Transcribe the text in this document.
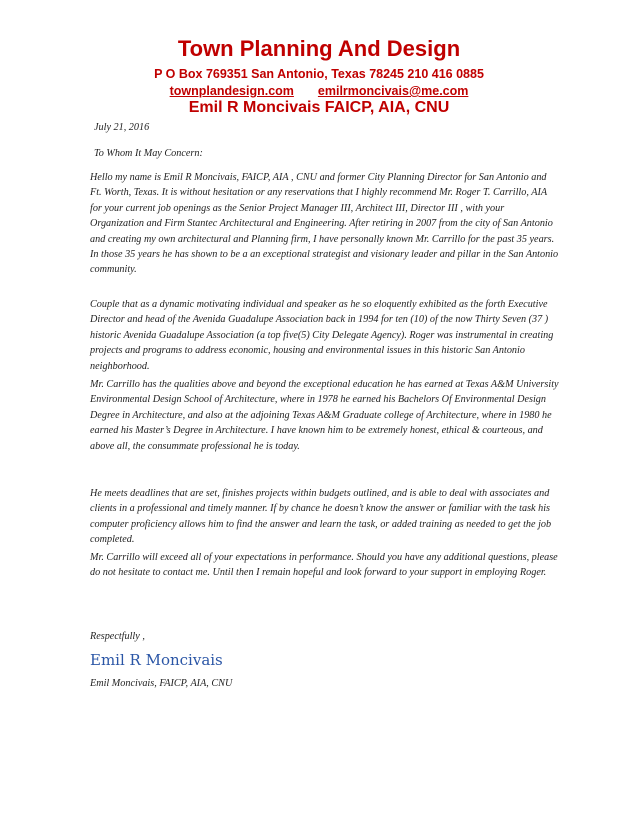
Town Planning And Design
P O Box 769351 San Antonio, Texas 78245 210 416 0885
townplandesign.com emilrmoncivais@me.com
Emil R Moncivais FAICP, AIA, CNU
July 21, 2016
To Whom It May Concern:

Hello my name is Emil R Moncivais, FAICP, AIA , CNU and former City Planning Director for San Antonio and Ft. Worth, Texas. It is without hesitation or any reservations that I highly recommend Mr. Roger T. Carrillo, AIA for your current job openings as the Senior Project Manager III, Architect III, Director III , with your Organization and Firm Stantec Architectural and Engineering. After retiring in 2007 from the city of San Antonio and creating my own architectural and Planning firm, I have personally known Mr. Carrillo for the past 35 years. In those 35 years he has shown to be a an exceptional strategist and visionary leader and pillar in the San Antonio community.

Couple that as a dynamic motivating individual and speaker as he so eloquently exhibited as the forth Executive Director and head of the Avenida Guadalupe Association back in 1994 for ten (10) of the now Thirty Seven (37 ) historic Avenida Guadalupe Association (a top five(5) City Delegate Agency). Roger was instrumental in creating projects and programs to address economic, housing and environmental issues in this historic San Antonio neighborhood.

Mr. Carrillo has the qualities above and beyond the exceptional education he has earned at Texas A&M University Environmental Design School of Architecture, where in 1978 he earned his Bachelors Of Environmental Design Degree in Architecture, and also at the adjoining Texas A&M Graduate college of Architecture, where in 1980 he earned his Master’s Degree in Architecture. I have known him to be extremely honest, ethical & courteous, and above all, the consummate professional he is today.

He meets deadlines that are set, finishes projects within budgets outlined, and is able to deal with associates and clients in a professional and timely manner. If by chance he doesn’t know the answer or familiar with the task his computer proficiency allows him to find the answer and learn the task, or added training as needed to get the job completed.

Mr. Carrillo will exceed all of your expectations in performance. Should you have any additional questions, please do not hesitate to contact me. Until then I remain hopeful and look forward to your support in employing Roger.

Respectfully ,
Emil R Moncivais
Emil Moncivais, FAICP, AIA, CNU
